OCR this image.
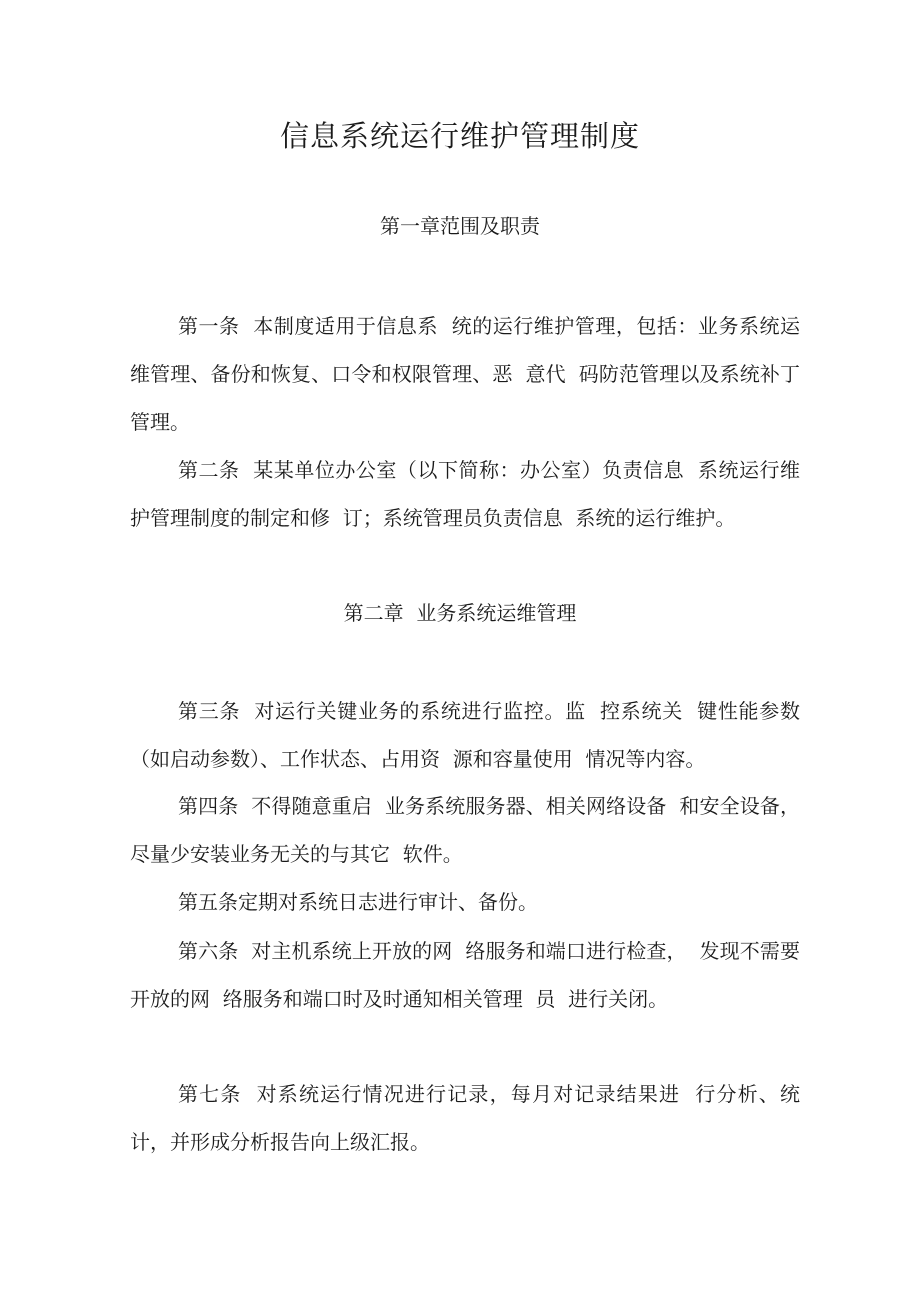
信息系统运行维护管理制度
第一章范围及职责

第一条  本制度适用于信息系  统的运行维护管理，包括：业务系统运维管理、备份和恢复、口令和权限管理、恶  意代  码防范管理以及系统补丁管理。

第二条  某某单位办公室（以下简称：办公室）负责信息  系统运行维护管理制度的制定和修  订；系统管理员负责信息  系统的运行维护。

第二章  业务系统运维管理

第三条  对运行关键业务的系统进行监控。监  控系统关  键性能参数（如启动参数）、工作状态、占用资  源和容量使用  情况等内容。

第四条  不得随意重启  业务系统服务器、相关网络设备  和安全设备，尽量少安装业务无关的与其它  软件。

第五条定期对系统日志进行审计、备份。

第六条  对主机系统上开放的网  络服务和端口进行检查，  发现不需要开放的网  络服务和端口时及时通知相关管理  员  进行关闭。

第七条  对系统运行情况进行记录，每月对记录结果进  行分析、统计，并形成分析报告向上级汇报。
